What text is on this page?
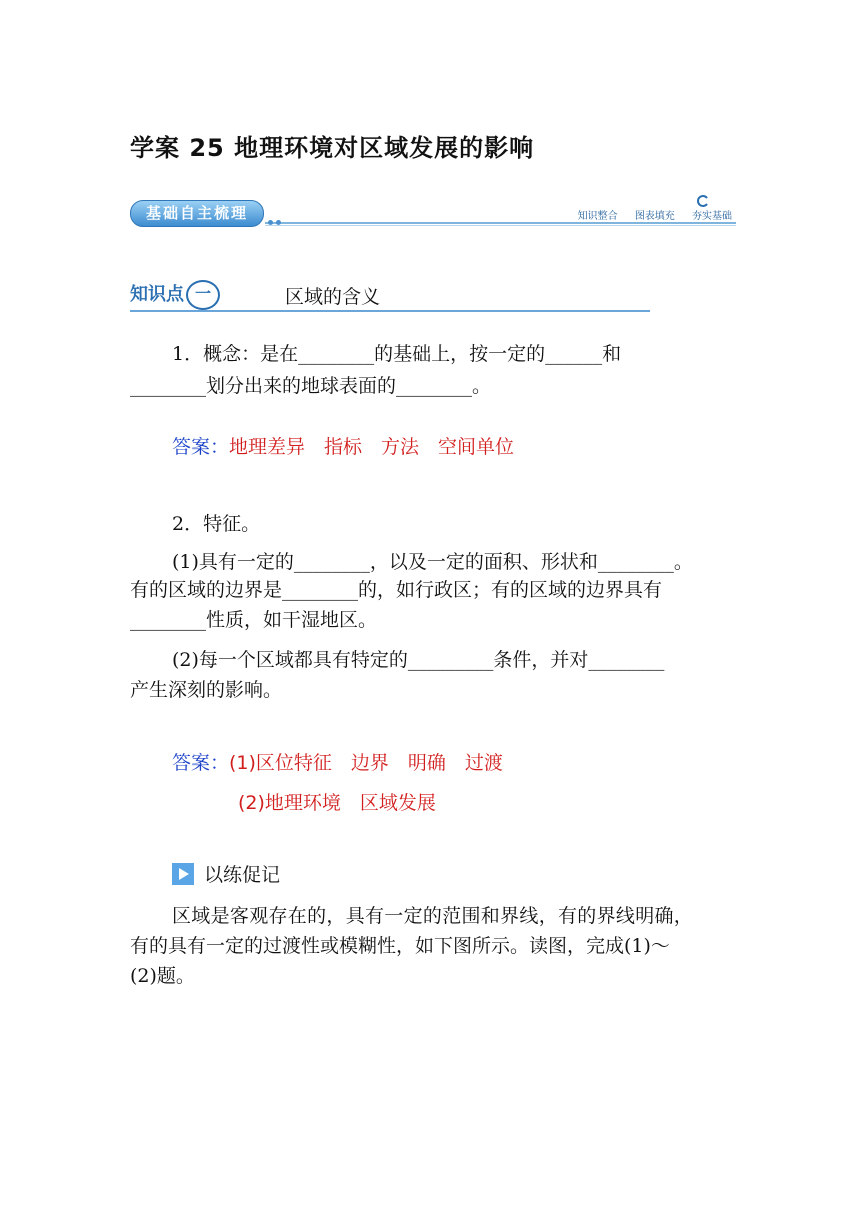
学案 25 地理环境对区域发展的影响
基础自主梳理	知识整合 图表填充 夯实基础
知识点 一	区域的含义
1．概念：是在________的基础上，按一定的______和
________划分出来的地球表面的________。
答案：地理差异　指标　方法　空间单位
2．特征。
(1)具有一定的________，以及一定的面积、形状和________。
有的区域的边界是________的，如行政区；有的区域的边界具有
________性质，如干湿地区。
(2)每一个区域都具有特定的_________条件，并对________
产生深刻的影响。
答案：(1)区位特征　边界　明确　过渡
(2)地理环境　区域发展
以练促记
区域是客观存在的，具有一定的范围和界线，有的界线明确，
有的具有一定的过渡性或模糊性，如下图所示。读图，完成(1)～
(2)题。
